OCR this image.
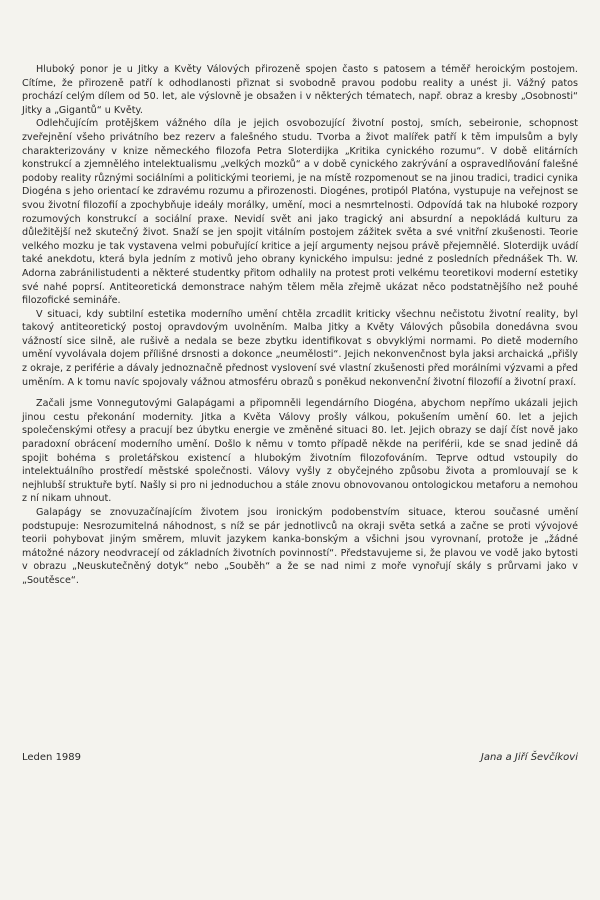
Hluboký ponor je u Jitky a Květy Válových přirozeně spojen často s patosem a téměř heroickým postojem. Cítíme, že přirozeně patří k odhodlanosti přiznat si svobodně pravou podobu reality a unést ji. Vážný patos prochází celým dílem od 50. let, ale výslovně je obsažen i v některých tématech, např. obraz a kresby „Osobnosti“ Jitky a „Gigantů“ u Květy.

Odlehčujícím protějškem vážného díla je jejich osvobozující životní postoj, smích, sebeironie, schopnost zveřejnění všeho privátního bez rezerv a falešného studu. Tvorba a život malířek patří k těm impulsům a byly charakterizovány v knize německého filozofa Petra Sloterdijka „Kritika cynického rozumu“. V době elitárních konstrukcí a zjemnělého intelektualismu „velkých mozků“ a v době cynického zakrývání a ospravedlňování falešné podoby reality různými sociálními a politickými teoriemi, je na místě rozpomenout se na jinou tradici, tradici cynika Diogéna s jeho orientací ke zdravému rozumu a přirozenosti. Diogénes, protipól Platóna, vystupuje na veřejnost se svou životní filozofií a zpochybňuje ideály morálky, umění, moci a nesmrtelnosti. Odpovídá tak na hluboké rozpory rozumových konstrukcí a sociální praxe. Nevidí svět ani jako tragický ani absurdní a nepokládá kulturu za důležitější než skutečný život. Snaží se jen spojit vitálním postojem zážitek světa a své vnitřní zkušenosti. Teorie velkého mozku je tak vystavena velmi pobuřující kritice a její argumenty nejsou právě přejemnělé. Sloterdijk uvádí také anekdotu, která byla jedním z motivů jeho obrany kynického impulsu: jedné z posledních přednášek Th. W. Adorna zabránilistudenti a některé studentky přitom odhalily na protest proti velkému teoretikovi moderní estetiky své nahé poprsí. Antiteoretická demonstrace nahým tělem měla zřejmě ukázat něco podstatnějšího než pouhé filozofické semináře.

V situaci, kdy subtilní estetika moderního umění chtěla zrcadlit kriticky všechnu nečistotu životní reality, byl takový antiteoretický postoj opravdovým uvolněním. Malba Jitky a Květy Válových působila donedávna svou vážností sice silně, ale rušivě a nedala se beze zbytku identifikovat s obvyklými normami. Po dietě moderního umění vyvolávala dojem přílišné drsnosti a dokonce „neumělosti“. Jejich nekonvenčnost byla jaksi archaická „přišly z okraje, z periférie a dávaly jednoznačně přednost vyslovení své vlastní zkušenosti před morálními výzvami a před uměním. A k tomu navíc spojovaly vážnou atmosféru obrazů s poněkud nekonvenční životní filozofií a životní praxí.

Začali jsme Vonnegutovými Galapágami a připomněli legendárního Diogéna, abychom nepřímo ukázali jejich jinou cestu překonání modernity. Jitka a Květa Válovy prošly válkou, pokušením umění 60. let a jejich společenskými otřesy a pracují bez úbytku energie ve změněné situaci 80. let. Jejich obrazy se dají číst nově jako paradoxní obrácení moderního umění. Došlo k němu v tomto případě někde na periférii, kde se snad jedině dá spojit bohéma s proletářskou existencí a hlubokým životním filozofováním. Teprve odtud vstoupily do intelektuálního prostředí městské společnosti. Válovy vyšly z obyčejného způsobu života a promlouvají se k nejhlubší struktuře bytí. Našly si pro ni jednoduchou a stále znovu obnovovanou ontologickou metaforu a nemohou z ní nikam uhnout.

Galapágy se znovuzačínajícím životem jsou ironickým podobenstvím situace, kterou současné umění podstupuje: Nesrozumitelná náhodnost, s níž se pár jednotlivců na okraji světa setká a začne se proti vývojové teorii pohybovat jiným směrem, mluvit jazykem kanka-bonským a všichni jsou vyrovnaní, protože je „žádné mátožné názory neodvracejí od základních životních povinností“. Představujeme si, že plavou ve vodě jako bytosti v obrazu „Neuskutečněný dotyk“ nebo „Souběh“ a že se nad nimi z moře vynořují skály s průrvami jako v „Soutěsce“.

Leden 1989	Jana a Jiří Ševčíkovi
